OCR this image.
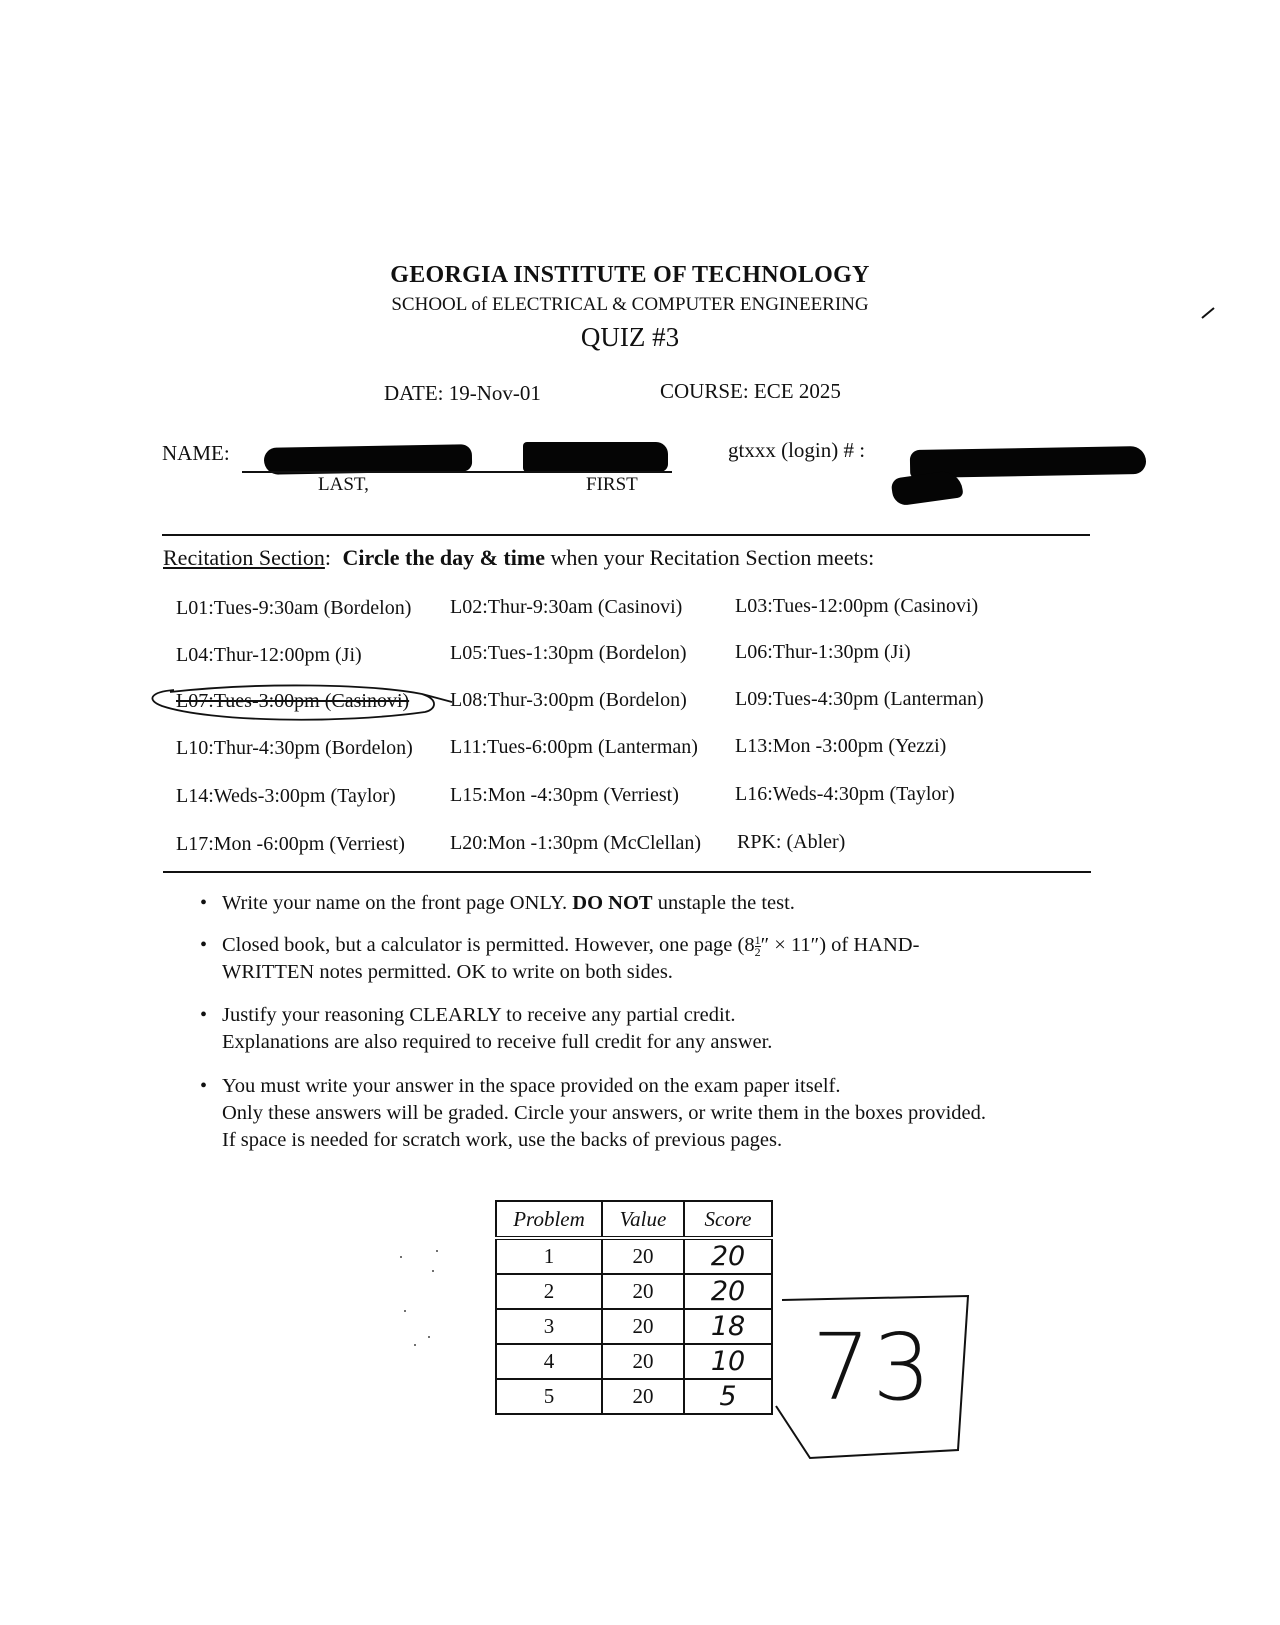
GEORGIA INSTITUTE OF TECHNOLOGY
SCHOOL of ELECTRICAL & COMPUTER ENGINEERING
QUIZ #3
DATE: 19-Nov-01	COURSE: ECE 2025
NAME:
LAST,	FIRST
gtxxx (login) # :
Recitation Section: Circle the day & time when your Recitation Section meets:
L01:Tues-9:30am (Bordelon) L02:Thur-9:30am (Casinovi)	L03:Tues-12:00pm (Casinovi)
L04:Thur-12:00pm (Ji)	L05:Tues-1:30pm (Bordelon) L06:Thur-1:30pm (Ji)
L07:Tues-3:00pm (Casinovi) L08:Thur-3:00pm (Bordelon) L09:Tues-4:30pm (Lanterman)
L10:Thur-4:30pm (Bordelon) L11:Tues-6:00pm (Lanterman) L13:Mon -3:00pm (Yezzi)
L14:Weds-3:00pm (Taylor)	L15:Mon -4:30pm (Verriest)	L16:Weds-4:30pm (Taylor)
L17:Mon -6:00pm (Verriest) L20:Mon -1:30pm (McClellan) RPK: (Abler)
• Write your name on the front page ONLY. DO NOT unstaple the test.
• Closed book, but a calculator is permitted. However, one page ($8 \frac{1}{2}$ ″ × 11″) of HAND-
WRITTEN notes permitted. OK to write on both sides.
• Justify your reasoning CLEARLY to receive any partial credit.
Explanations are also required to receive full credit for any answer.
• You must write your answer in the space provided on the exam paper itself.
Only these answers will be graded. Circle your answers, or write them in the boxes provided.
If space is needed for scratch work, use the backs of previous pages.
Problem	Value	Score
1	20	20
2	20	20
3	20	18
4	20	10
5	20	5 73
